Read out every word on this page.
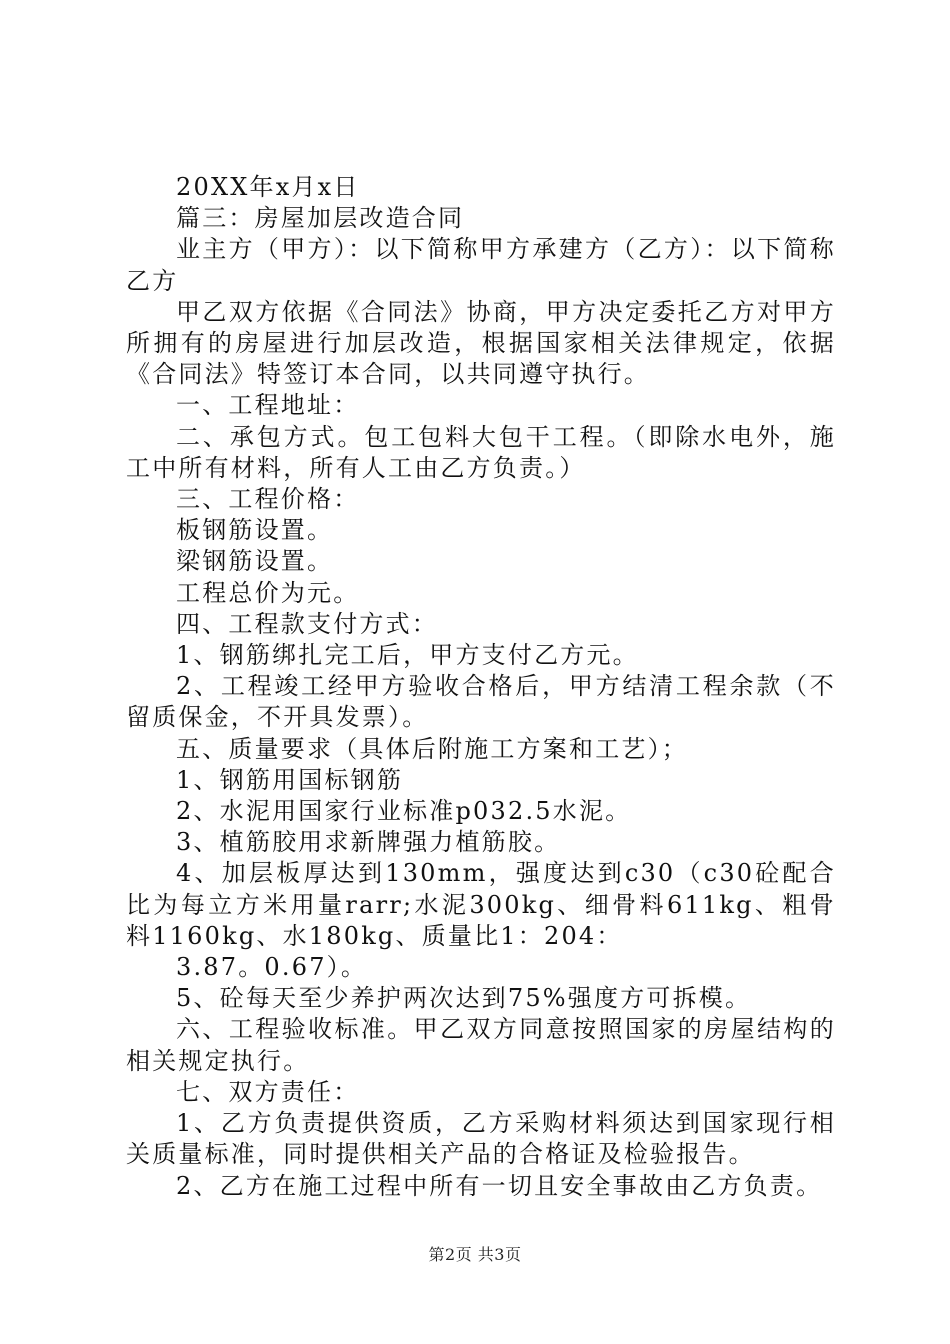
20XX年x月x日

篇三：房屋加层改造合同

业主方（甲方）：以下简称甲方承建方（乙方）：以下简称乙方

甲乙双方依据《合同法》协商，甲方决定委托乙方对甲方所拥有的房屋进行加层改造，根据国家相关法律规定，依据《合同法》特签订本合同，以共同遵守执行。

一、工程地址：

二、承包方式。包工包料大包干工程。（即除水电外，施工中所有材料，所有人工由乙方负责。）

三、工程价格：

板钢筋设置。

梁钢筋设置。

工程总价为元。

四、工程款支付方式：

1、钢筋绑扎完工后，甲方支付乙方元。

2、工程竣工经甲方验收合格后，甲方结清工程余款（不留质保金，不开具发票）。

五、质量要求（具体后附施工方案和工艺）；

1、钢筋用国标钢筋

2、水泥用国家行业标准p032.5水泥。

3、植筋胶用求新牌强力植筋胶。

4、加层板厚达到130mm，强度达到c30（c30砼配合比为每立方米用量rarr;水泥300kg、细骨料611kg、粗骨料1160kg、水180kg、质量比1：204：

3.87。0.67）。

5、砼每天至少养护两次达到75%强度方可拆模。

六、工程验收标准。甲乙双方同意按照国家的房屋结构的相关规定执行。

七、双方责任：

1、乙方负责提供资质，乙方采购材料须达到国家现行相关质量标准，同时提供相关产品的合格证及检验报告。

2、乙方在施工过程中所有一切且安全事故由乙方负责。

第2页 共3页
